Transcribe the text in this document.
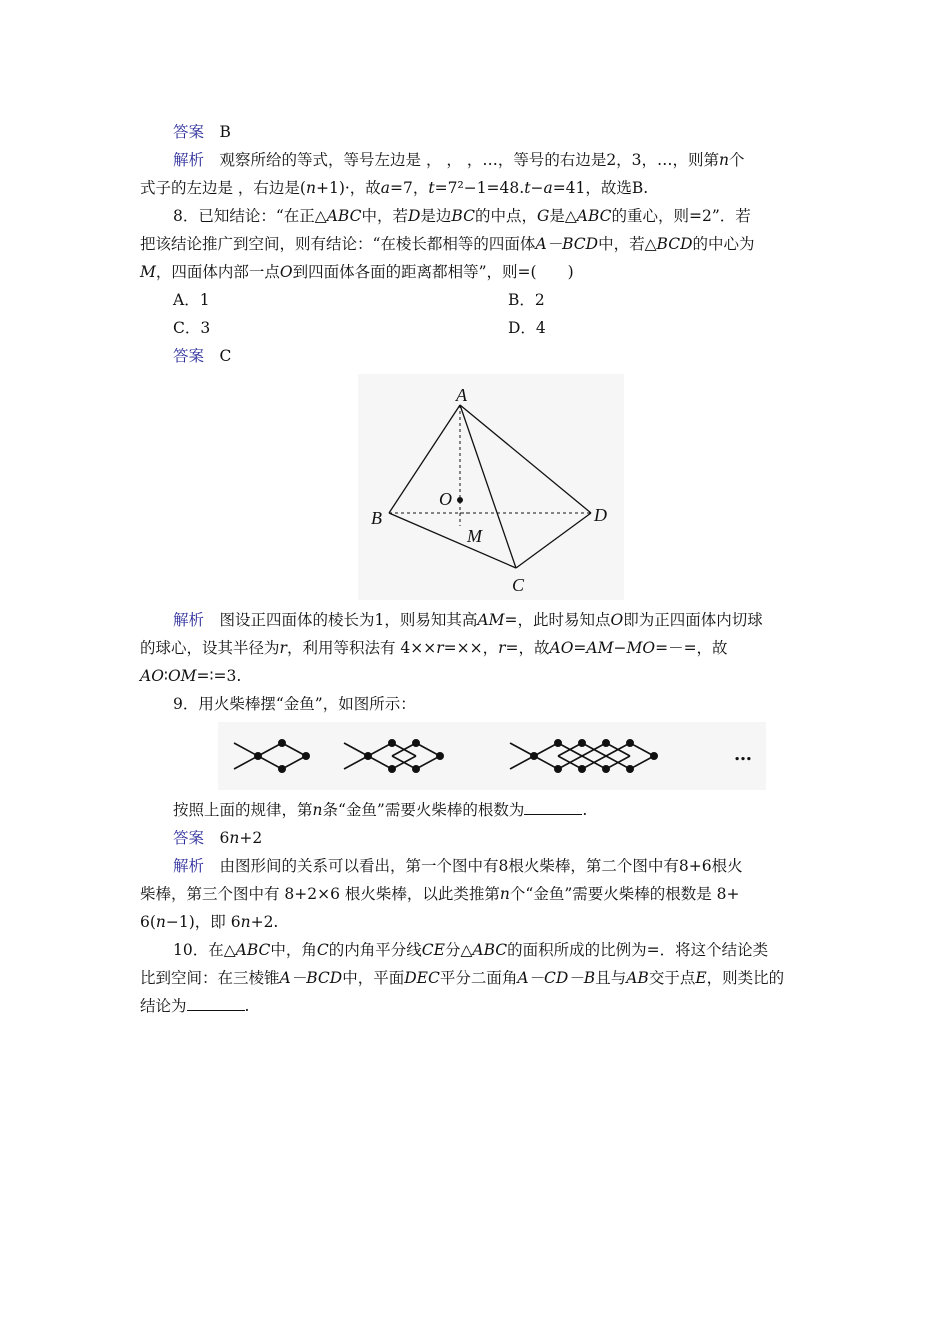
答案　 B
解析　 观察所给的等式，等号左边是 ， ， ，…，等号的右边是2，3，…，则第n个
式子的左边是 ，右边是(n+1)·，故a=7，t=7²−1=48.t−a=41，故选B.
8．已知结论：“在正△ABC中，若D是边BC的中点，G是△ABC的重心，则=2”．若
把该结论推广到空间，则有结论：“在棱长都相等的四面体A－BCD中，若△BCD的中心为
M，四面体内部一点O到四面体各面的距离都相等”，则=(　　)
A．1	B．2
C．3	D．4
答案　 C
A
B
C
D
O
M
解析　 图设正四面体的棱长为1，则易知其高AM=，此时易知点O即为正四面体内切球
的球心，设其半径为r，利用等积法有 4××r=××，r=，故AO=AM−MO=－=，故
AO∶OM=∶=3.
9．用火柴棒摆“金鱼”，如图所示：
…
按照上面的规律，第n条“金鱼”需要火柴棒的根数为	.
答案　 6n+2
解析　 由图形间的关系可以看出，第一个图中有8根火柴棒，第二个图中有8+6根火
柴棒，第三个图中有 8+2×6 根火柴棒，以此类推第n个“金鱼”需要火柴棒的根数是 8+
6(n−1)，即 6n+2.
10．在△ABC中，角C的内角平分线CE分△ABC的面积所成的比例为=．将这个结论类
比到空间：在三棱锥A－BCD中，平面DEC平分二面角A－CD－B且与AB交于点E，则类比的
结论为	.
